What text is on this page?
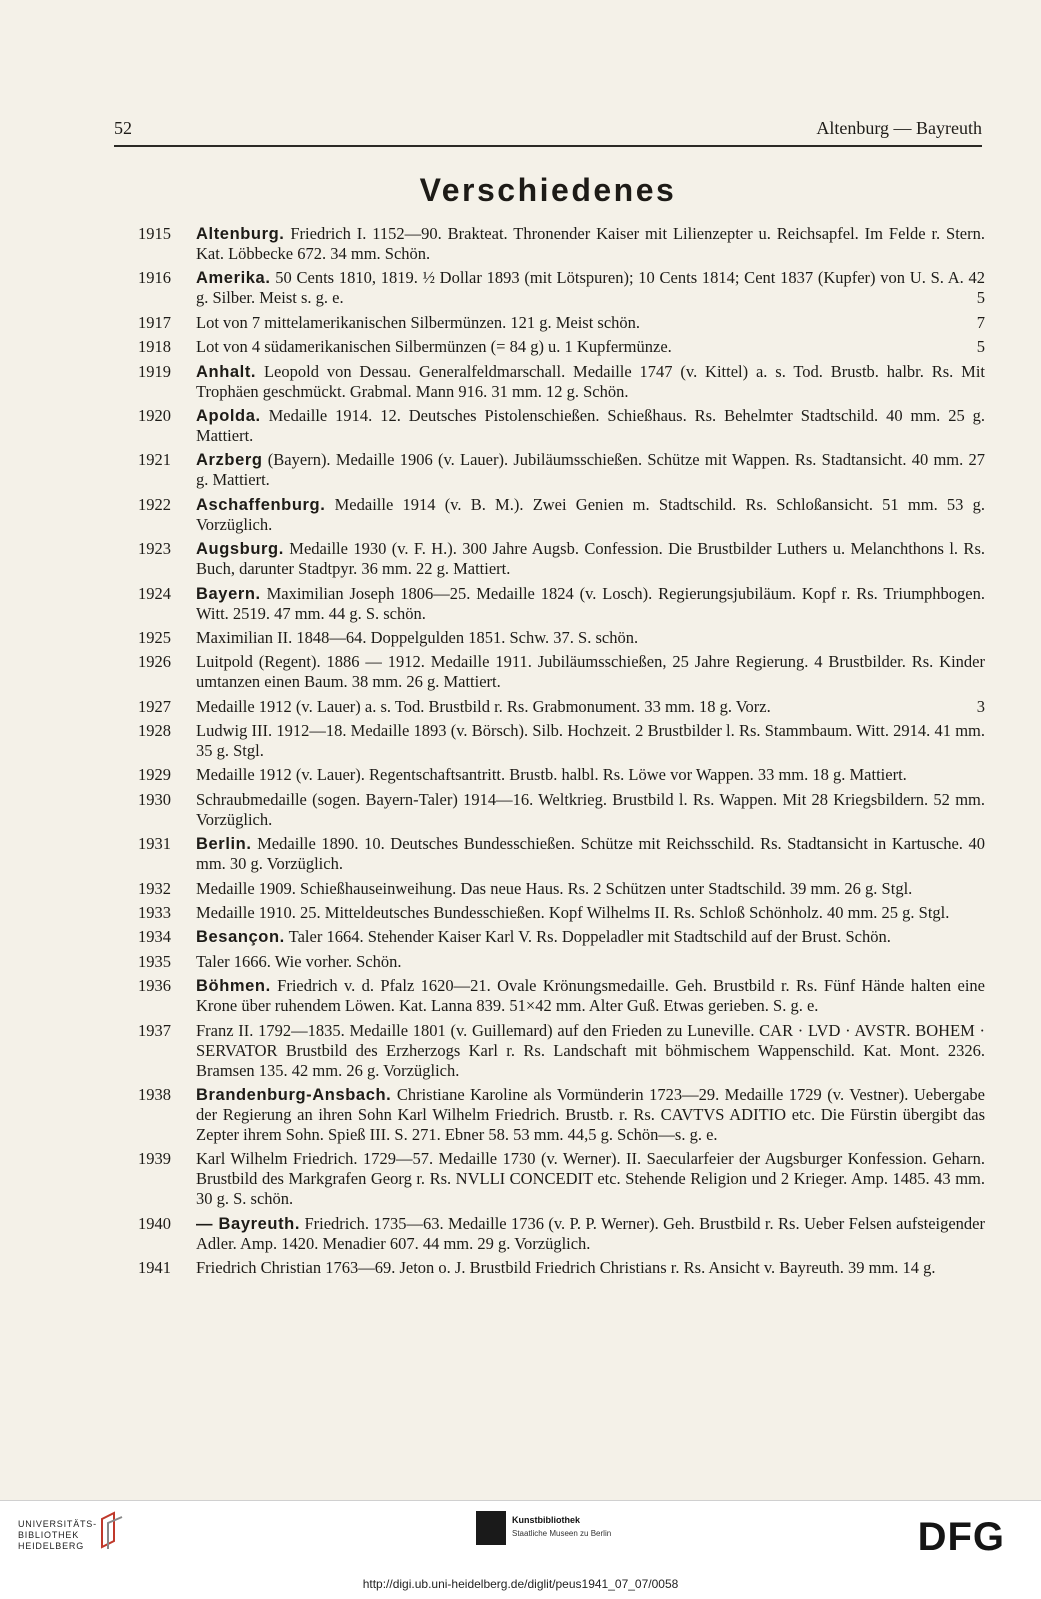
52	Altenburg — Bayreuth
Verschiedenes
1915	Altenburg. Friedrich I. 1152—90. Brakteat. Thronender Kaiser mit Lilienzepter u. Reichsapfel. Im Felde r. Stern. Kat. Löbbecke 672. 34 mm. Schön.
1916	Amerika. 50 Cents 1810, 1819. ½ Dollar 1893 (mit Lötspuren); 10 Cents 1814; Cent 1837 (Kupfer) von U. S. A. 42 g. Silber. Meist s. g. e.	5
1917	Lot von 7 mittelamerikanischen Silbermünzen. 121 g. Meist schön.	7
1918	Lot von 4 südamerikanischen Silbermünzen (= 84 g) u. 1 Kupfermünze.	5
1919	Anhalt. Leopold von Dessau. Generalfeldmarschall. Medaille 1747 (v. Kittel) a. s. Tod. Brustb. halbr. Rs. Mit Trophäen geschmückt. Grabmal. Mann 916. 31 mm. 12 g. Schön.
1920	Apolda. Medaille 1914. 12. Deutsches Pistolenschießen. Schießhaus. Rs. Behelmter Stadtschild. 40 mm. 25 g. Mattiert.
1921	Arzberg (Bayern). Medaille 1906 (v. Lauer). Jubiläumsschießen. Schütze mit Wappen. Rs. Stadtansicht. 40 mm. 27 g. Mattiert.
1922	Aschaffenburg. Medaille 1914 (v. B. M.). Zwei Genien m. Stadtschild. Rs. Schloßansicht. 51 mm. 53 g. Vorzüglich.
1923	Augsburg. Medaille 1930 (v. F. H.). 300 Jahre Augsb. Confession. Die Brustbilder Luthers u. Melanchthons l. Rs. Buch, darunter Stadtpyr. 36 mm. 22 g. Mattiert.
1924	Bayern. Maximilian Joseph 1806—25. Medaille 1824 (v. Losch). Regierungsjubiläum. Kopf r. Rs. Triumphbogen. Witt. 2519. 47 mm. 44 g. S. schön.
1925	Maximilian II. 1848—64. Doppelgulden 1851. Schw. 37. S. schön.
1926	Luitpold (Regent). 1886 — 1912. Medaille 1911. Jubiläumsschießen, 25 Jahre Regierung. 4 Brustbilder. Rs. Kinder umtanzen einen Baum. 38 mm. 26 g. Mattiert.
1927	Medaille 1912 (v. Lauer) a. s. Tod. Brustbild r. Rs. Grabmonument. 33 mm. 18 g. Vorz.	3
1928	Ludwig III. 1912—18. Medaille 1893 (v. Börsch). Silb. Hochzeit. 2 Brustbilder l. Rs. Stammbaum. Witt. 2914. 41 mm. 35 g. Stgl.
1929	Medaille 1912 (v. Lauer). Regentschaftsantritt. Brustb. halbl. Rs. Löwe vor Wappen. 33 mm. 18 g. Mattiert.
1930	Schraubmedaille (sogen. Bayern-Taler) 1914—16. Weltkrieg. Brustbild l. Rs. Wappen. Mit 28 Kriegsbildern. 52 mm. Vorzüglich.
1931	Berlin. Medaille 1890. 10. Deutsches Bundesschießen. Schütze mit Reichsschild. Rs. Stadtansicht in Kartusche. 40 mm. 30 g. Vorzüglich.
1932	Medaille 1909. Schießhauseinweihung. Das neue Haus. Rs. 2 Schützen unter Stadtschild. 39 mm. 26 g. Stgl.
1933	Medaille 1910. 25. Mitteldeutsches Bundesschießen. Kopf Wilhelms II. Rs. Schloß Schönholz. 40 mm. 25 g. Stgl.
1934	Besançon. Taler 1664. Stehender Kaiser Karl V. Rs. Doppeladler mit Stadtschild auf der Brust. Schön.
1935	Taler 1666. Wie vorher. Schön.
1936	Böhmen. Friedrich v. d. Pfalz 1620—21. Ovale Krönungsmedaille. Geh. Brustbild r. Rs. Fünf Hände halten eine Krone über ruhendem Löwen. Kat. Lanna 839. 51×42 mm. Alter Guß. Etwas gerieben. S. g. e.
1937	Franz II. 1792—1835. Medaille 1801 (v. Guillemard) auf den Frieden zu Luneville. CAR · LVD · AVSTR. BOHEM · SERVATOR Brustbild des Erzherzogs Karl r. Rs. Landschaft mit böhmischem Wappenschild. Kat. Mont. 2326. Bramsen 135. 42 mm. 26 g. Vorzüglich.
1938	Brandenburg-Ansbach. Christiane Karoline als Vormünderin 1723—29. Medaille 1729 (v. Vestner). Uebergabe der Regierung an ihren Sohn Karl Wilhelm Friedrich. Brustb. r. Rs. CAVTVS ADITIO etc. Die Fürstin übergibt das Zepter ihrem Sohn. Spieß III. S. 271. Ebner 58. 53 mm. 44,5 g. Schön—s. g. e.
1939	Karl Wilhelm Friedrich. 1729—57. Medaille 1730 (v. Werner). II. Saecularfeier der Augsburger Konfession. Geharn. Brustbild des Markgrafen Georg r. Rs. NVLLI CONCEDIT etc. Stehende Religion und 2 Krieger. Amp. 1485. 43 mm. 30 g. S. schön.
1940	— Bayreuth. Friedrich. 1735—63. Medaille 1736 (v. P. P. Werner). Geh. Brustbild r. Rs. Ueber Felsen aufsteigender Adler. Amp. 1420. Menadier 607. 44 mm. 29 g. Vorzüglich.
1941	Friedrich Christian 1763—69. Jeton o. J. Brustbild Friedrich Christians r. Rs. Ansicht v. Bayreuth. 39 mm. 14 g.
UNIVERSITÄTS-
BIBLIOTHEK
HEIDELBERG
Kunstbibliothek
Staatliche Museen zu Berlin	DFG
http://digi.ub.uni-heidelberg.de/diglit/peus1941_07_07/0058
